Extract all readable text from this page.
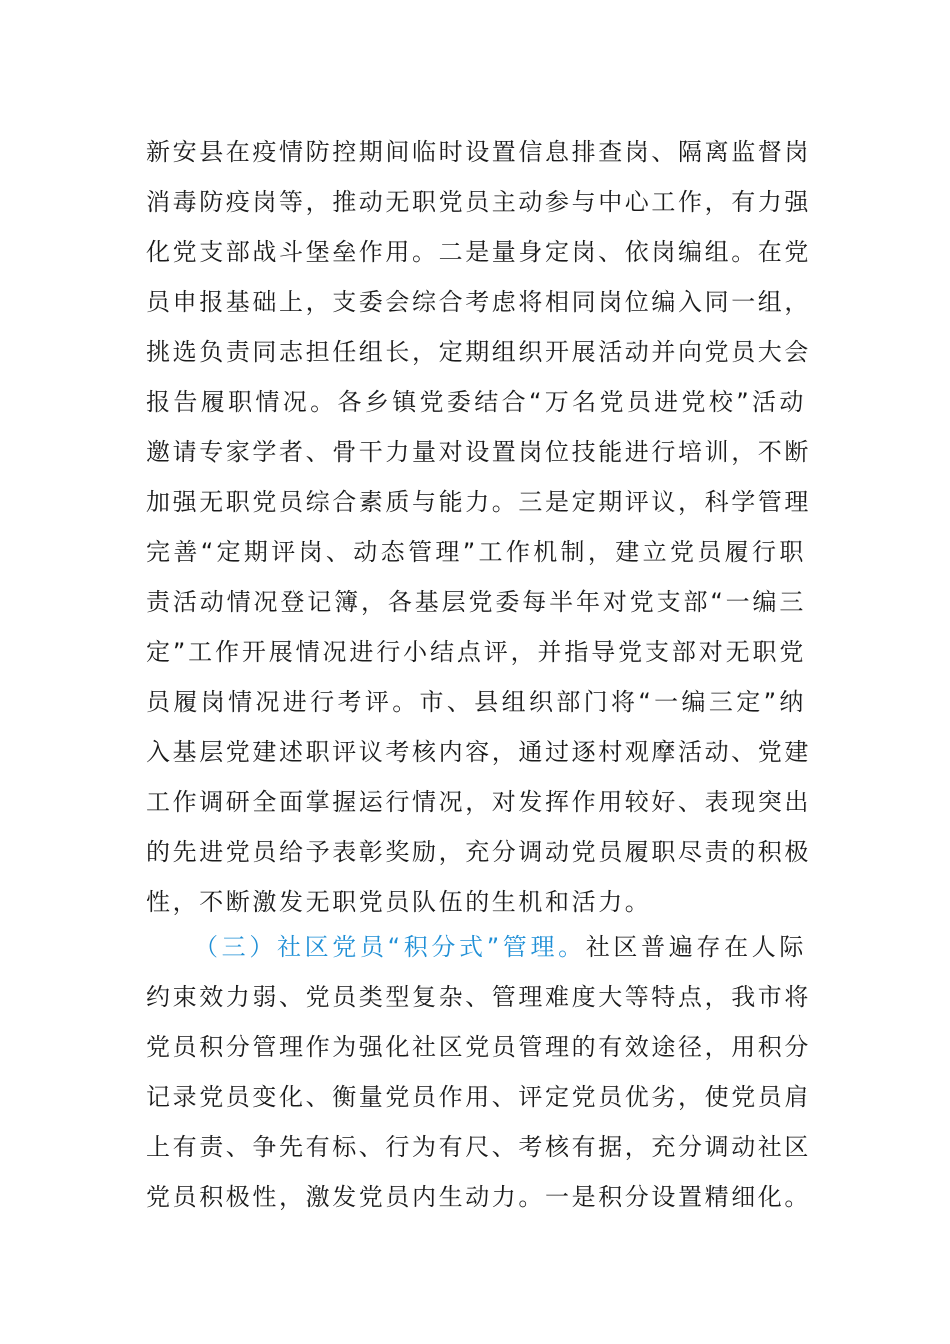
新安县在疫情防控期间临时设置信息排查岗、隔离监督岗
消毒防疫岗等，推动无职党员主动参与中心工作，有力强
化党支部战斗堡垒作用。二是量身定岗、依岗编组。在党
员申报基础上，支委会综合考虑将相同岗位编入同一组，
挑选负责同志担任组长，定期组织开展活动并向党员大会
报告履职情况。各乡镇党委结合“万名党员进党校”活动
邀请专家学者、骨干力量对设置岗位技能进行培训，不断
加强无职党员综合素质与能力。三是定期评议，科学管理
完善“定期评岗、动态管理”工作机制，建立党员履行职
责活动情况登记簿，各基层党委每半年对党支部“一编三
定”工作开展情况进行小结点评，并指导党支部对无职党
员履岗情况进行考评。市、县组织部门将“一编三定”纳
入基层党建述职评议考核内容，通过逐村观摩活动、党建
工作调研全面掌握运行情况，对发挥作用较好、表现突出
的先进党员给予表彰奖励，充分调动党员履职尽责的积极
性，不断激发无职党员队伍的生机和活力。
（三）社区党员“积分式”管理。社区普遍存在人际
约束效力弱、党员类型复杂、管理难度大等特点，我市将
党员积分管理作为强化社区党员管理的有效途径，用积分
记录党员变化、衡量党员作用、评定党员优劣，使党员肩
上有责、争先有标、行为有尺、考核有据，充分调动社区
党员积极性，激发党员内生动力。一是积分设置精细化。
